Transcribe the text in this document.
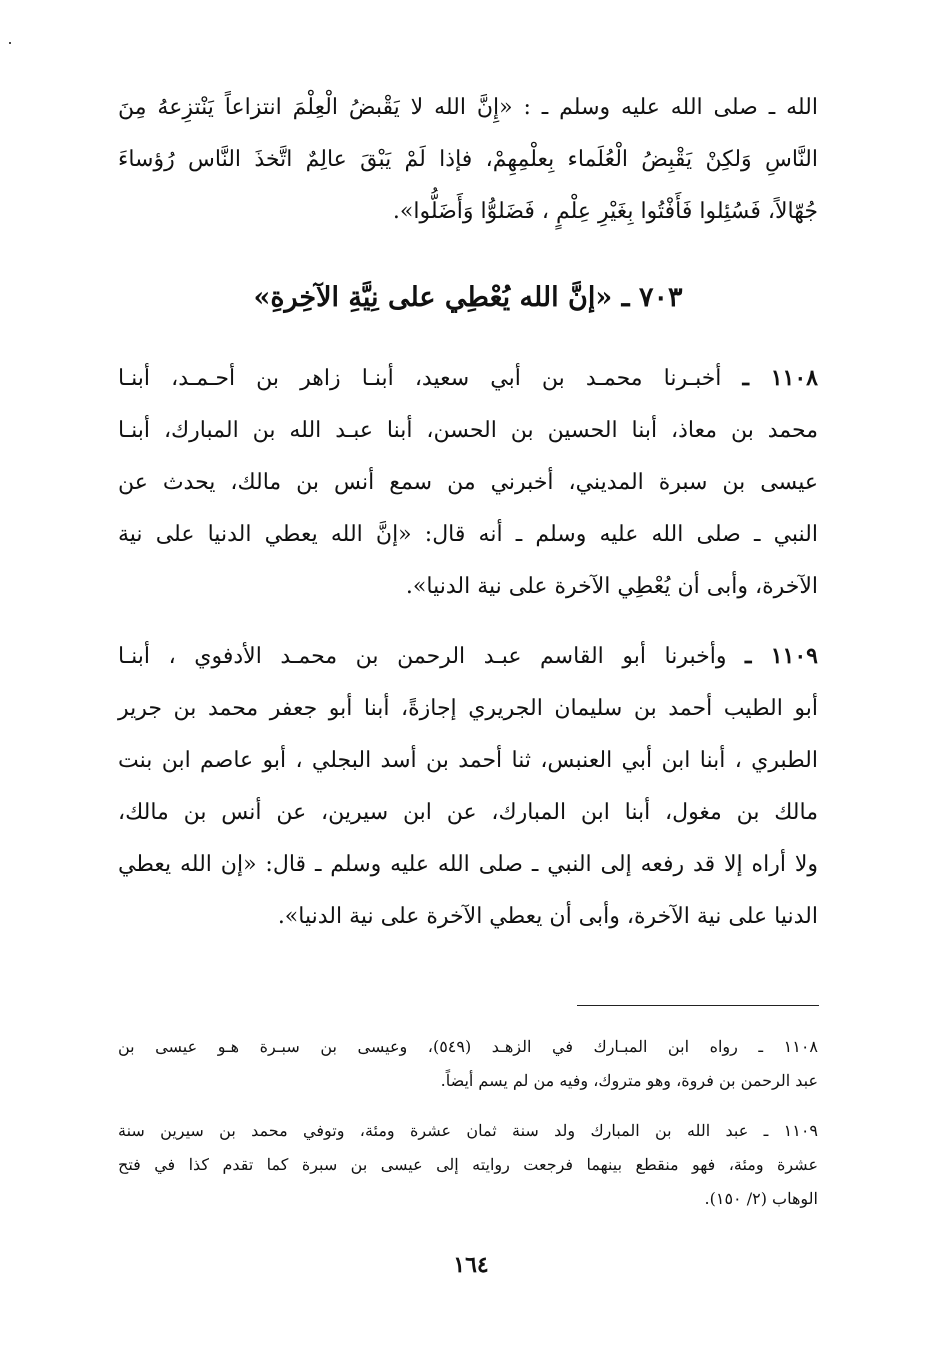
الله ـ صلى الله عليه وسلم ـ : «إِنَّ الله لا يَقْبضُ الْعِلْمَ انتزاعاً يَنْتزِعهُ مِنَ
النَّاسِ وَلكِنْ يَقْبِضُ الْعُلَماء بِعلْمِهِمْ، فإذا لَمْ يَبْقَ عالِمٌ اتَّخذَ النَّاس رُؤساءَ
جُهّالاً، فَسُئِلوا فَأَفْتُوا بِغَيْرِ عِلْمٍ ، فَضَلوُّا وَأَضَلُّوا».
٧٠٣ ـ «إنَّ الله يُعْطِي على نِيَّةِ الآخِرةِ»
١١٠٨ ـ أخبـرنا محمـد بن أبي سعيد، أبنـا زاهر بن أحـمـد، أبنـا
محمد بن معاذ، أبنا الحسين بن الحسن، أبنا عبـد الله بن المبارك، أبنـا
عيسى بن سبرة المديني، أخبرني من سمع أنس بن مالك، يحدث عن
النبي ـ صلى الله عليه وسلم ـ أنه قال: «إنَّ الله يعطي الدنيا على نية
الآخرة، وأبى أن يُعْطِي الآخرة على نية الدنيا».
١١٠٩ ـ وأخبرنا أبو القاسم عبـد الرحمن بن محمـد الأدفوي ، أبنـا
أبو الطيب أحمد بن سليمان الجريري إجازةً، أبنا أبو جعفر محمد بن جرير
الطبري ، أبنا ابن أبي العنبس، ثنا أحمد بن أسد البجلي ، أبو عاصم ابن بنت
مالك بن مغول، أبنا ابن المبارك، عن ابن سيرين، عن أنس بن مالك،
ولا أراه إلا قد رفعه إلى النبي ـ صلى الله عليه وسلم ـ قال: «إن الله يعطي
الدنيا على نية الآخرة، وأبى أن يعطي الآخرة على نية الدنيا».
١١٠٨ ـ رواه ابن المبـارك في الزهـد (٥٤٩)، وعيسى بن سبـرة هـو عيسى بن
عبد الرحمن بن فروة، وهو متروك، وفيه من لم يسم أيضاً.
١١٠٩ ـ عبد الله بن المبارك ولد سنة ثمان عشرة ومئة، وتوفي محمد بن سيرين سنة
عشرة ومئة، فهو منقطع بينهما فرجعت روايته إلى عيسى بن سبرة كما تقدم كذا في فتح
الوهاب (٢/ ١٥٠).
١٦٤
